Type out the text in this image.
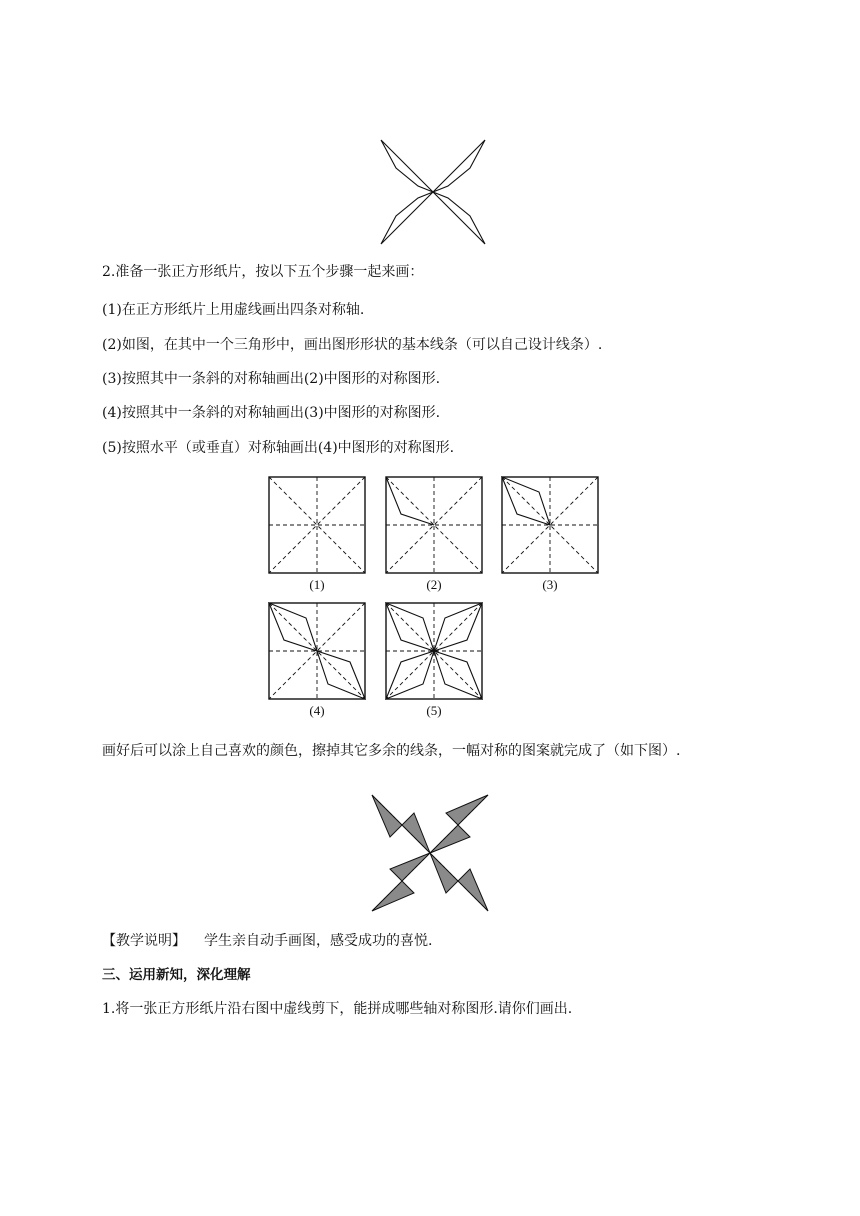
2.准备一张正方形纸片，按以下五个步骤一起来画：
(1)在正方形纸片上用虚线画出四条对称轴.
(2)如图，在其中一个三角形中，画出图形形状的基本线条（可以自己设计线条）.
(3)按照其中一条斜的对称轴画出(2)中图形的对称图形.
(4)按照其中一条斜的对称轴画出(3)中图形的对称图形.
(5)按照水平（或垂直）对称轴画出(4)中图形的对称图形.
(1)	(2)	(3)
(4)	(5)
画好后可以涂上自己喜欢的颜色，擦掉其它多余的线条，一幅对称的图案就完成了（如下图）.
【教学说明】 学生亲自动手画图，感受成功的喜悦.
三、运用新知，深化理解
1.将一张正方形纸片沿右图中虚线剪下，能拼成哪些轴对称图形.请你们画出.
